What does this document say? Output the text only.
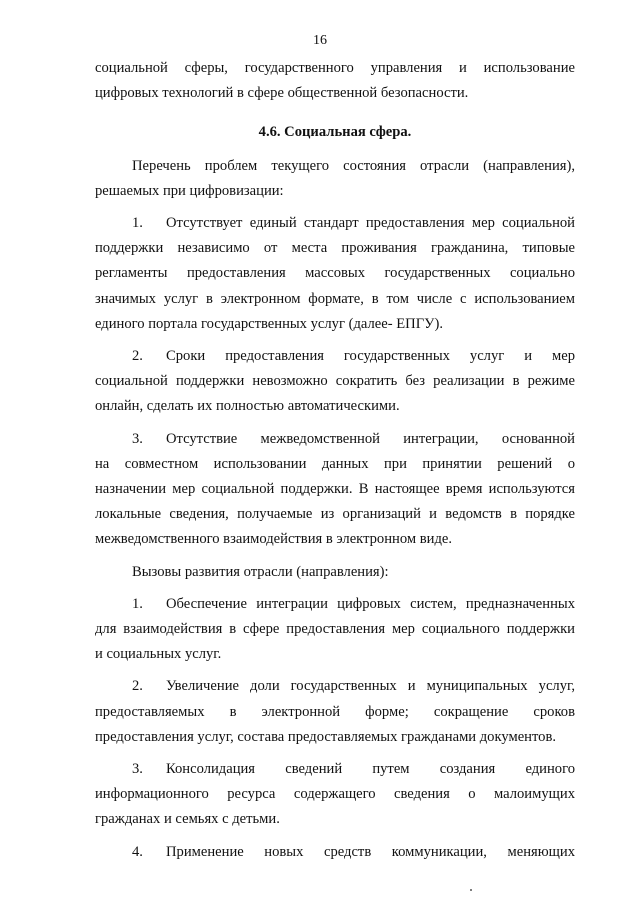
16

социальной сферы, государственного управления и использование

цифровых технологий в сфере общественной безопасности.

4.6. Социальная сфера.

Перечень проблем текущего состояния отрасли (направления),

решаемых при цифровизации:

1. Отсутствует единый стандарт предоставления мер социальной

поддержки независимо от места проживания гражданина, типовые

регламенты предоставления массовых государственных социально

значимых услуг в электронном формате, в том числе с использованием

единого портала государственных услуг (далее- ЕПГУ).

2. Сроки предоставления государственных услуг и мер

социальной поддержки невозможно сократить без реализации в режиме

онлайн, сделать их полностью автоматическими.

3. Отсутствие межведомственной интеграции, основанной

на совместном использовании данных при принятии решений о

назначении мер социальной поддержки. В настоящее время используются

локальные сведения, получаемые из организаций и ведомств в порядке

межведомственного взаимодействия в электронном виде.

Вызовы развития отрасли (направления):

1. Обеспечение интеграции цифровых систем, предназначенных

для взаимодействия в сфере предоставления мер социального поддержки

и социальных услуг.

2. Увеличение доли государственных и муниципальных услуг,

предоставляемых в электронной форме; сокращение сроков

предоставления услуг, состава предоставляемых гражданами документов.

3. Консолидация сведений путем создания единого

информационного ресурса содержащего сведения о малоимущих

гражданах и семьях с детьми.

4. Применение новых средств коммуникации, меняющих
